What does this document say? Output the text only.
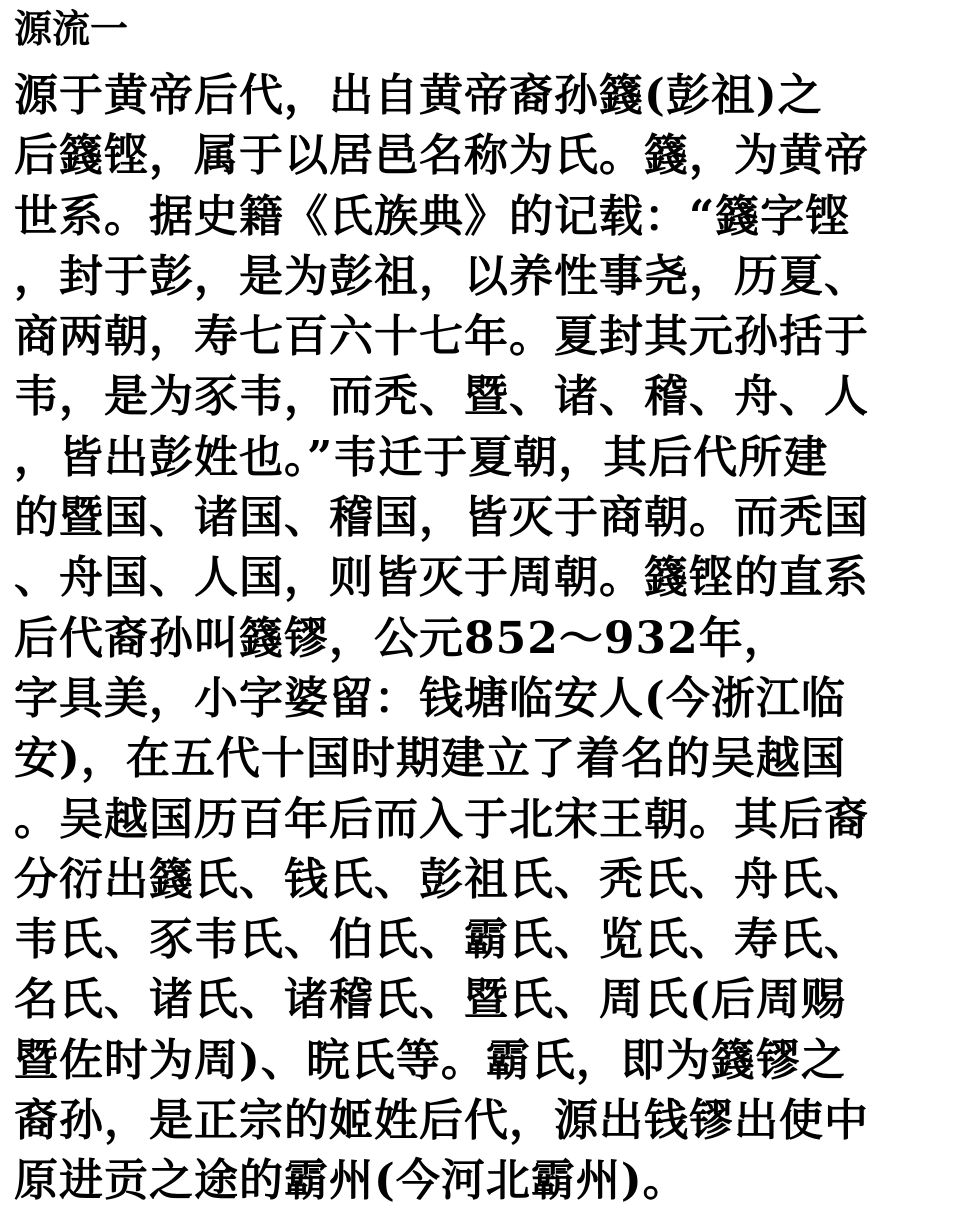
源流一
源于黄帝后代，出自黄帝裔孙籛(彭祖)之
后籛铿，属于以居邑名称为氏。籛，为黄帝
世系。据史籍《氏族典》的记载：“籛字铿
，封于彭，是为彭祖，以养性事尧，历夏、
商两朝，寿七百六十七年。夏封其元孙括于
韦，是为豕韦，而秃、暨、诸、稽、舟、人
，皆出彭姓也。”韦迁于夏朝，其后代所建
的暨国、诸国、稽国，皆灭于商朝。而秃国
、舟国、人国，则皆灭于周朝。籛铿的直系
后代裔孙叫籛镠，公元852～932年，
字具美，小字婆留：钱塘临安人(今浙江临
安)，在五代十国时期建立了着名的吴越国
。吴越国历百年后而入于北宋王朝。其后裔
分衍出籛氏、钱氏、彭祖氏、秃氏、舟氏、
韦氏、豕韦氏、伯氏、霸氏、览氏、寿氏、
名氏、诸氏、诸稽氏、暨氏、周氏(后周赐
暨佐时为周)、晥氏等。霸氏，即为籛镠之
裔孙，是正宗的姬姓后代，源出钱镠出使中
原进贡之途的霸州(今河北霸州)。
